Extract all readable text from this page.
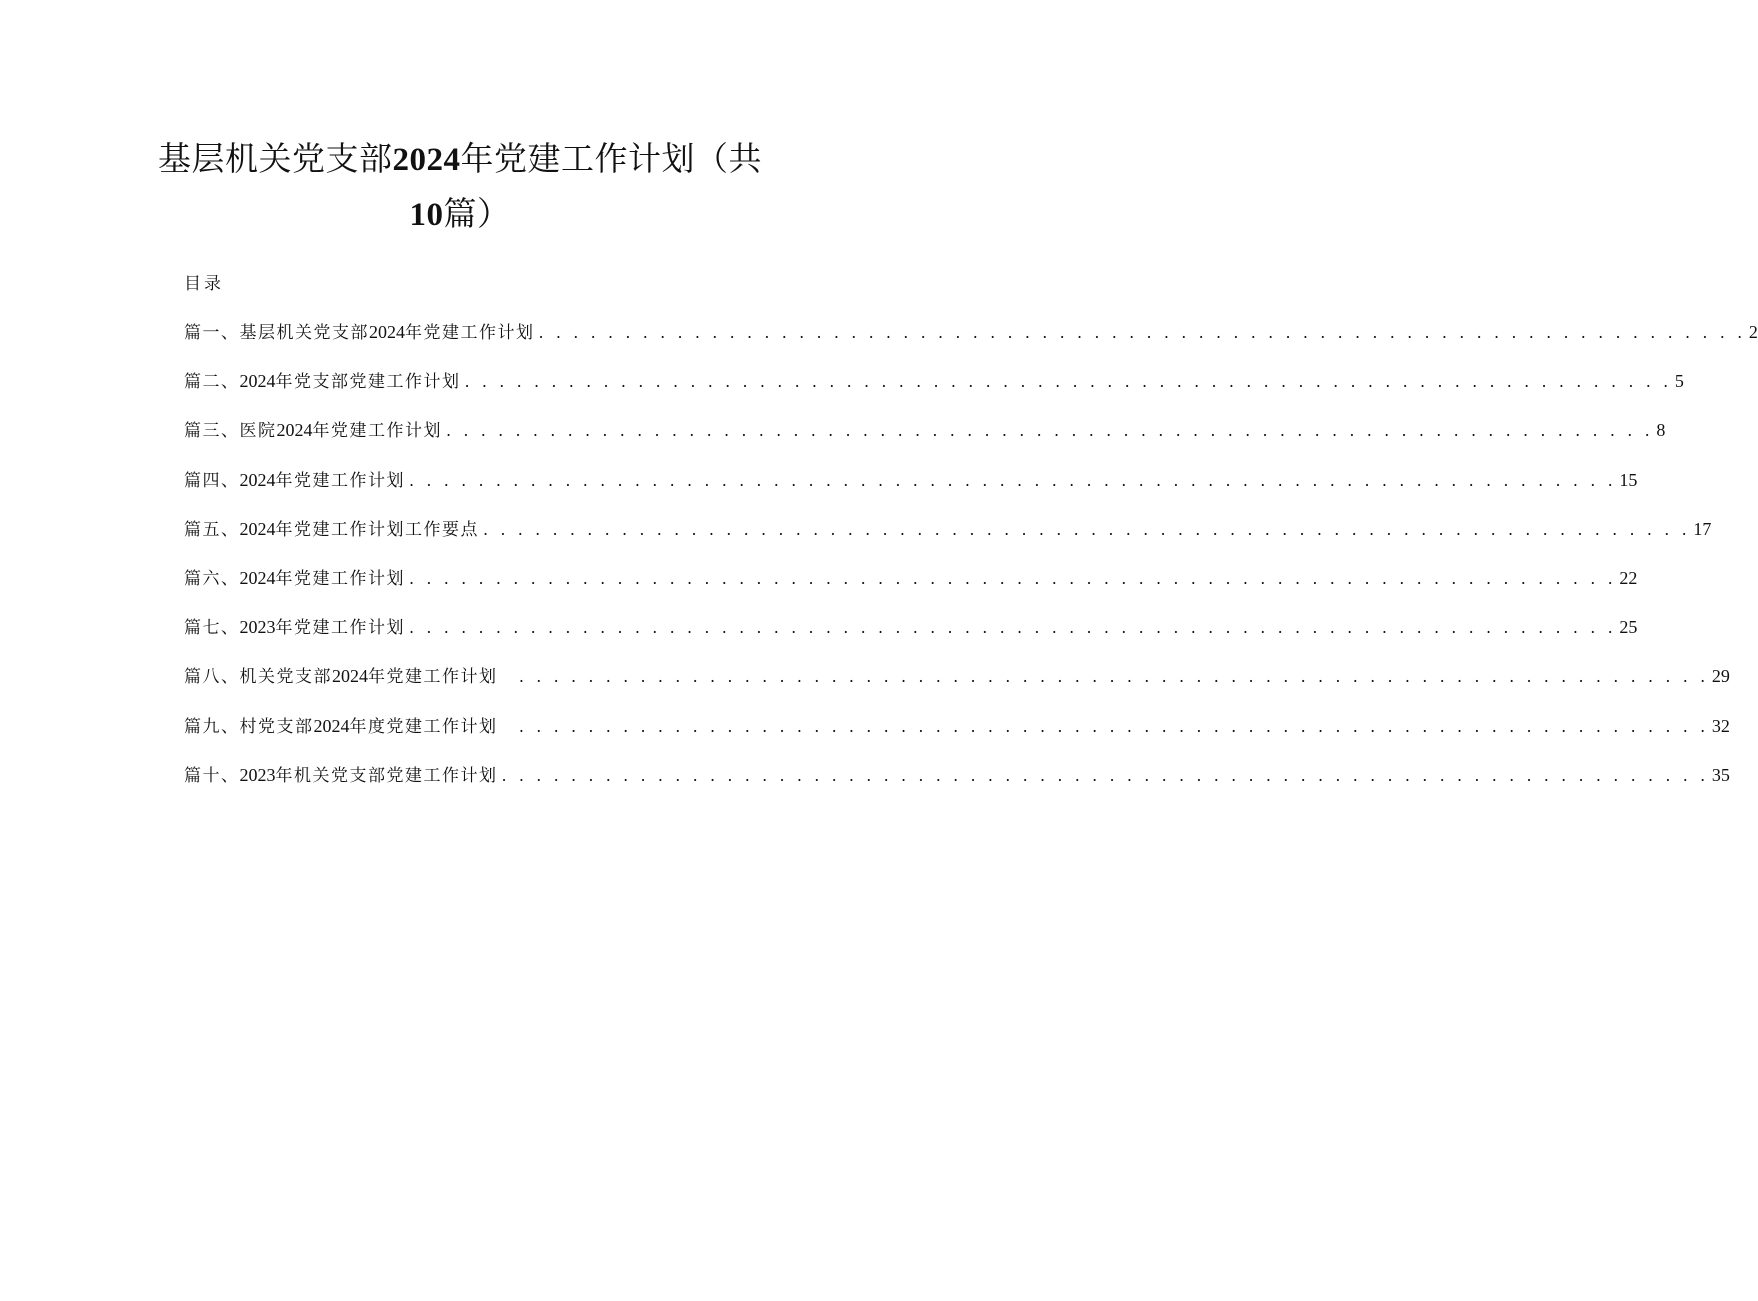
基层机关党支部2024年党建工作计划（共
10篇）
目录
篇一、基层机关党支部2024年党建工作计划 . . . . . . . . . . . . . . . . . . . . . . . . . . . . . . . . . . . . . . . . . . . . . . . . . . . . . . . . . . . . . . . . . . . . . . 2
篇二、2024年党支部党建工作计划 . . . . . . . . . . . . . . . . . . . . . . . . . . . . . . . . . . . . . . . . . . . . . . . . . . . . . . . . . . . . . . . . . . . . . . 5
篇三、医院2024年党建工作计划 . . . . . . . . . . . . . . . . . . . . . . . . . . . . . . . . . . . . . . . . . . . . . . . . . . . . . . . . . . . . . . . . . . . . . . 8
篇四、2024年党建工作计划 . . . . . . . . . . . . . . . . . . . . . . . . . . . . . . . . . . . . . . . . . . . . . . . . . . . . . . . . . . . . . . . . . . . . . . 15
篇五、2024年党建工作计划工作要点 . . . . . . . . . . . . . . . . . . . . . . . . . . . . . . . . . . . . . . . . . . . . . . . . . . . . . . . . . . . . . . . . . . . . . . 17
篇六、2024年党建工作计划 . . . . . . . . . . . . . . . . . . . . . . . . . . . . . . . . . . . . . . . . . . . . . . . . . . . . . . . . . . . . . . . . . . . . . . 22
篇七、2023年党建工作计划 . . . . . . . . . . . . . . . . . . . . . . . . . . . . . . . . . . . . . . . . . . . . . . . . . . . . . . . . . . . . . . . . . . . . . . 25
篇八、机关党支部2024年党建工作计划 . . . . . . . . . . . . . . . . . . . . . . . . . . . . . . . . . . . . . . . . . . . . . . . . . . . . . . . . . . . . . . . . . . . . . 29
篇九、村党支部2024年度党建工作计划 . . . . . . . . . . . . . . . . . . . . . . . . . . . . . . . . . . . . . . . . . . . . . . . . . . . . . . . . . . . . . . . . . . . . . 32
篇十、2023年机关党支部党建工作计划 . . . . . . . . . . . . . . . . . . . . . . . . . . . . . . . . . . . . . . . . . . . . . . . . . . . . . . . . . . . . . . . . . . . . . . 35
